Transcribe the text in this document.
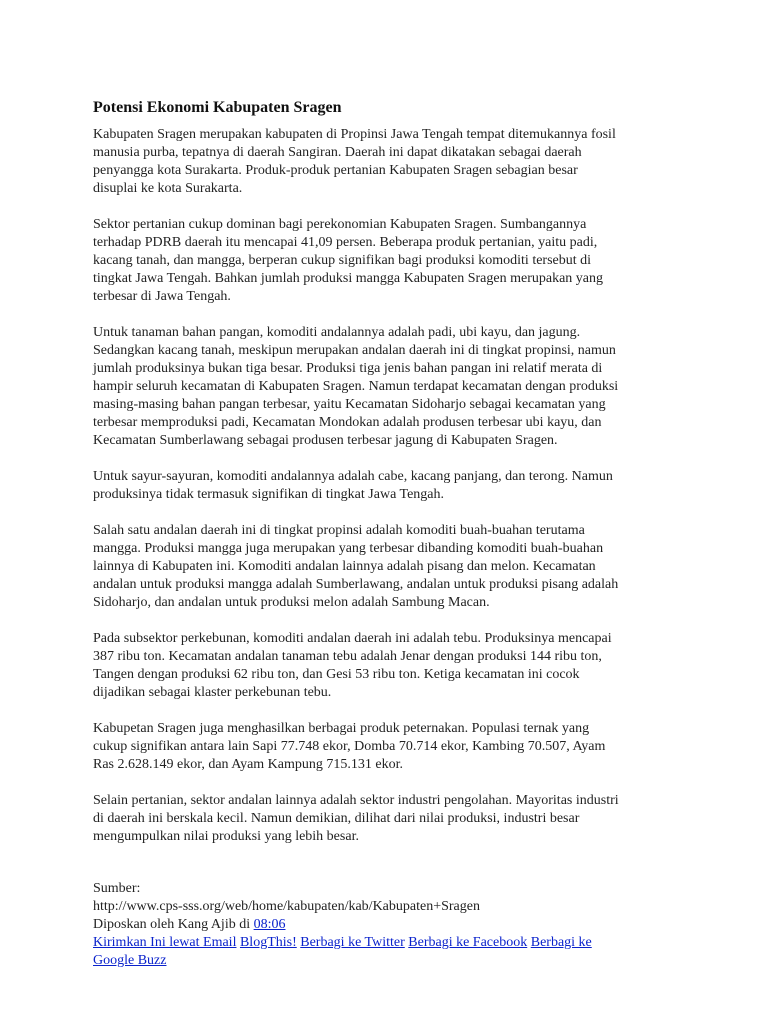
Potensi Ekonomi Kabupaten Sragen
Kabupaten Sragen merupakan kabupaten di Propinsi Jawa Tengah tempat ditemukannya fosil
manusia purba, tepatnya di daerah Sangiran. Daerah ini dapat dikatakan sebagai daerah
penyangga kota Surakarta. Produk-produk pertanian Kabupaten Sragen sebagian besar
disuplai ke kota Surakarta.
Sektor pertanian cukup dominan bagi perekonomian Kabupaten Sragen. Sumbangannya
terhadap PDRB daerah itu mencapai 41,09 persen. Beberapa produk pertanian, yaitu padi,
kacang tanah, dan mangga, berperan cukup signifikan bagi produksi komoditi tersebut di
tingkat Jawa Tengah. Bahkan jumlah produksi mangga Kabupaten Sragen merupakan yang
terbesar di Jawa Tengah.
Untuk tanaman bahan pangan, komoditi andalannya adalah padi, ubi kayu, dan jagung.
Sedangkan kacang tanah, meskipun merupakan andalan daerah ini di tingkat propinsi, namun
jumlah produksinya bukan tiga besar. Produksi tiga jenis bahan pangan ini relatif merata di
hampir seluruh kecamatan di Kabupaten Sragen. Namun terdapat kecamatan dengan produksi
masing-masing bahan pangan terbesar, yaitu Kecamatan Sidoharjo sebagai kecamatan yang
terbesar memproduksi padi, Kecamatan Mondokan adalah produsen terbesar ubi kayu, dan
Kecamatan Sumberlawang sebagai produsen terbesar jagung di Kabupaten Sragen.
Untuk sayur-sayuran, komoditi andalannya adalah cabe, kacang panjang, dan terong. Namun
produksinya tidak termasuk signifikan di tingkat Jawa Tengah.
Salah satu andalan daerah ini di tingkat propinsi adalah komoditi buah-buahan terutama
mangga. Produksi mangga juga merupakan yang terbesar dibanding komoditi buah-buahan
lainnya di Kabupaten ini. Komoditi andalan lainnya adalah pisang dan melon. Kecamatan
andalan untuk produksi mangga adalah Sumberlawang, andalan untuk produksi pisang adalah
Sidoharjo, dan andalan untuk produksi melon adalah Sambung Macan.
Pada subsektor perkebunan, komoditi andalan daerah ini adalah tebu. Produksinya mencapai
387 ribu ton. Kecamatan andalan tanaman tebu adalah Jenar dengan produksi 144 ribu ton,
Tangen dengan produksi 62 ribu ton, dan Gesi 53 ribu ton. Ketiga kecamatan ini cocok
dijadikan sebagai klaster perkebunan tebu.
Kabupetan Sragen juga menghasilkan berbagai produk peternakan. Populasi ternak yang
cukup signifikan antara lain Sapi 77.748 ekor, Domba 70.714 ekor, Kambing 70.507, Ayam
Ras 2.628.149 ekor, dan Ayam Kampung 715.131 ekor.
Selain pertanian, sektor andalan lainnya adalah sektor industri pengolahan. Mayoritas industri
di daerah ini berskala kecil. Namun demikian, dilihat dari nilai produksi, industri besar
mengumpulkan nilai produksi yang lebih besar.
Sumber:
http://www.cps-sss.org/web/home/kabupaten/kab/Kabupaten+Sragen
Diposkan oleh Kang Ajib di 08:06
Kirimkan Ini lewat Email BlogThis! Berbagi ke Twitter Berbagi ke Facebook Berbagi ke
Google Buzz
